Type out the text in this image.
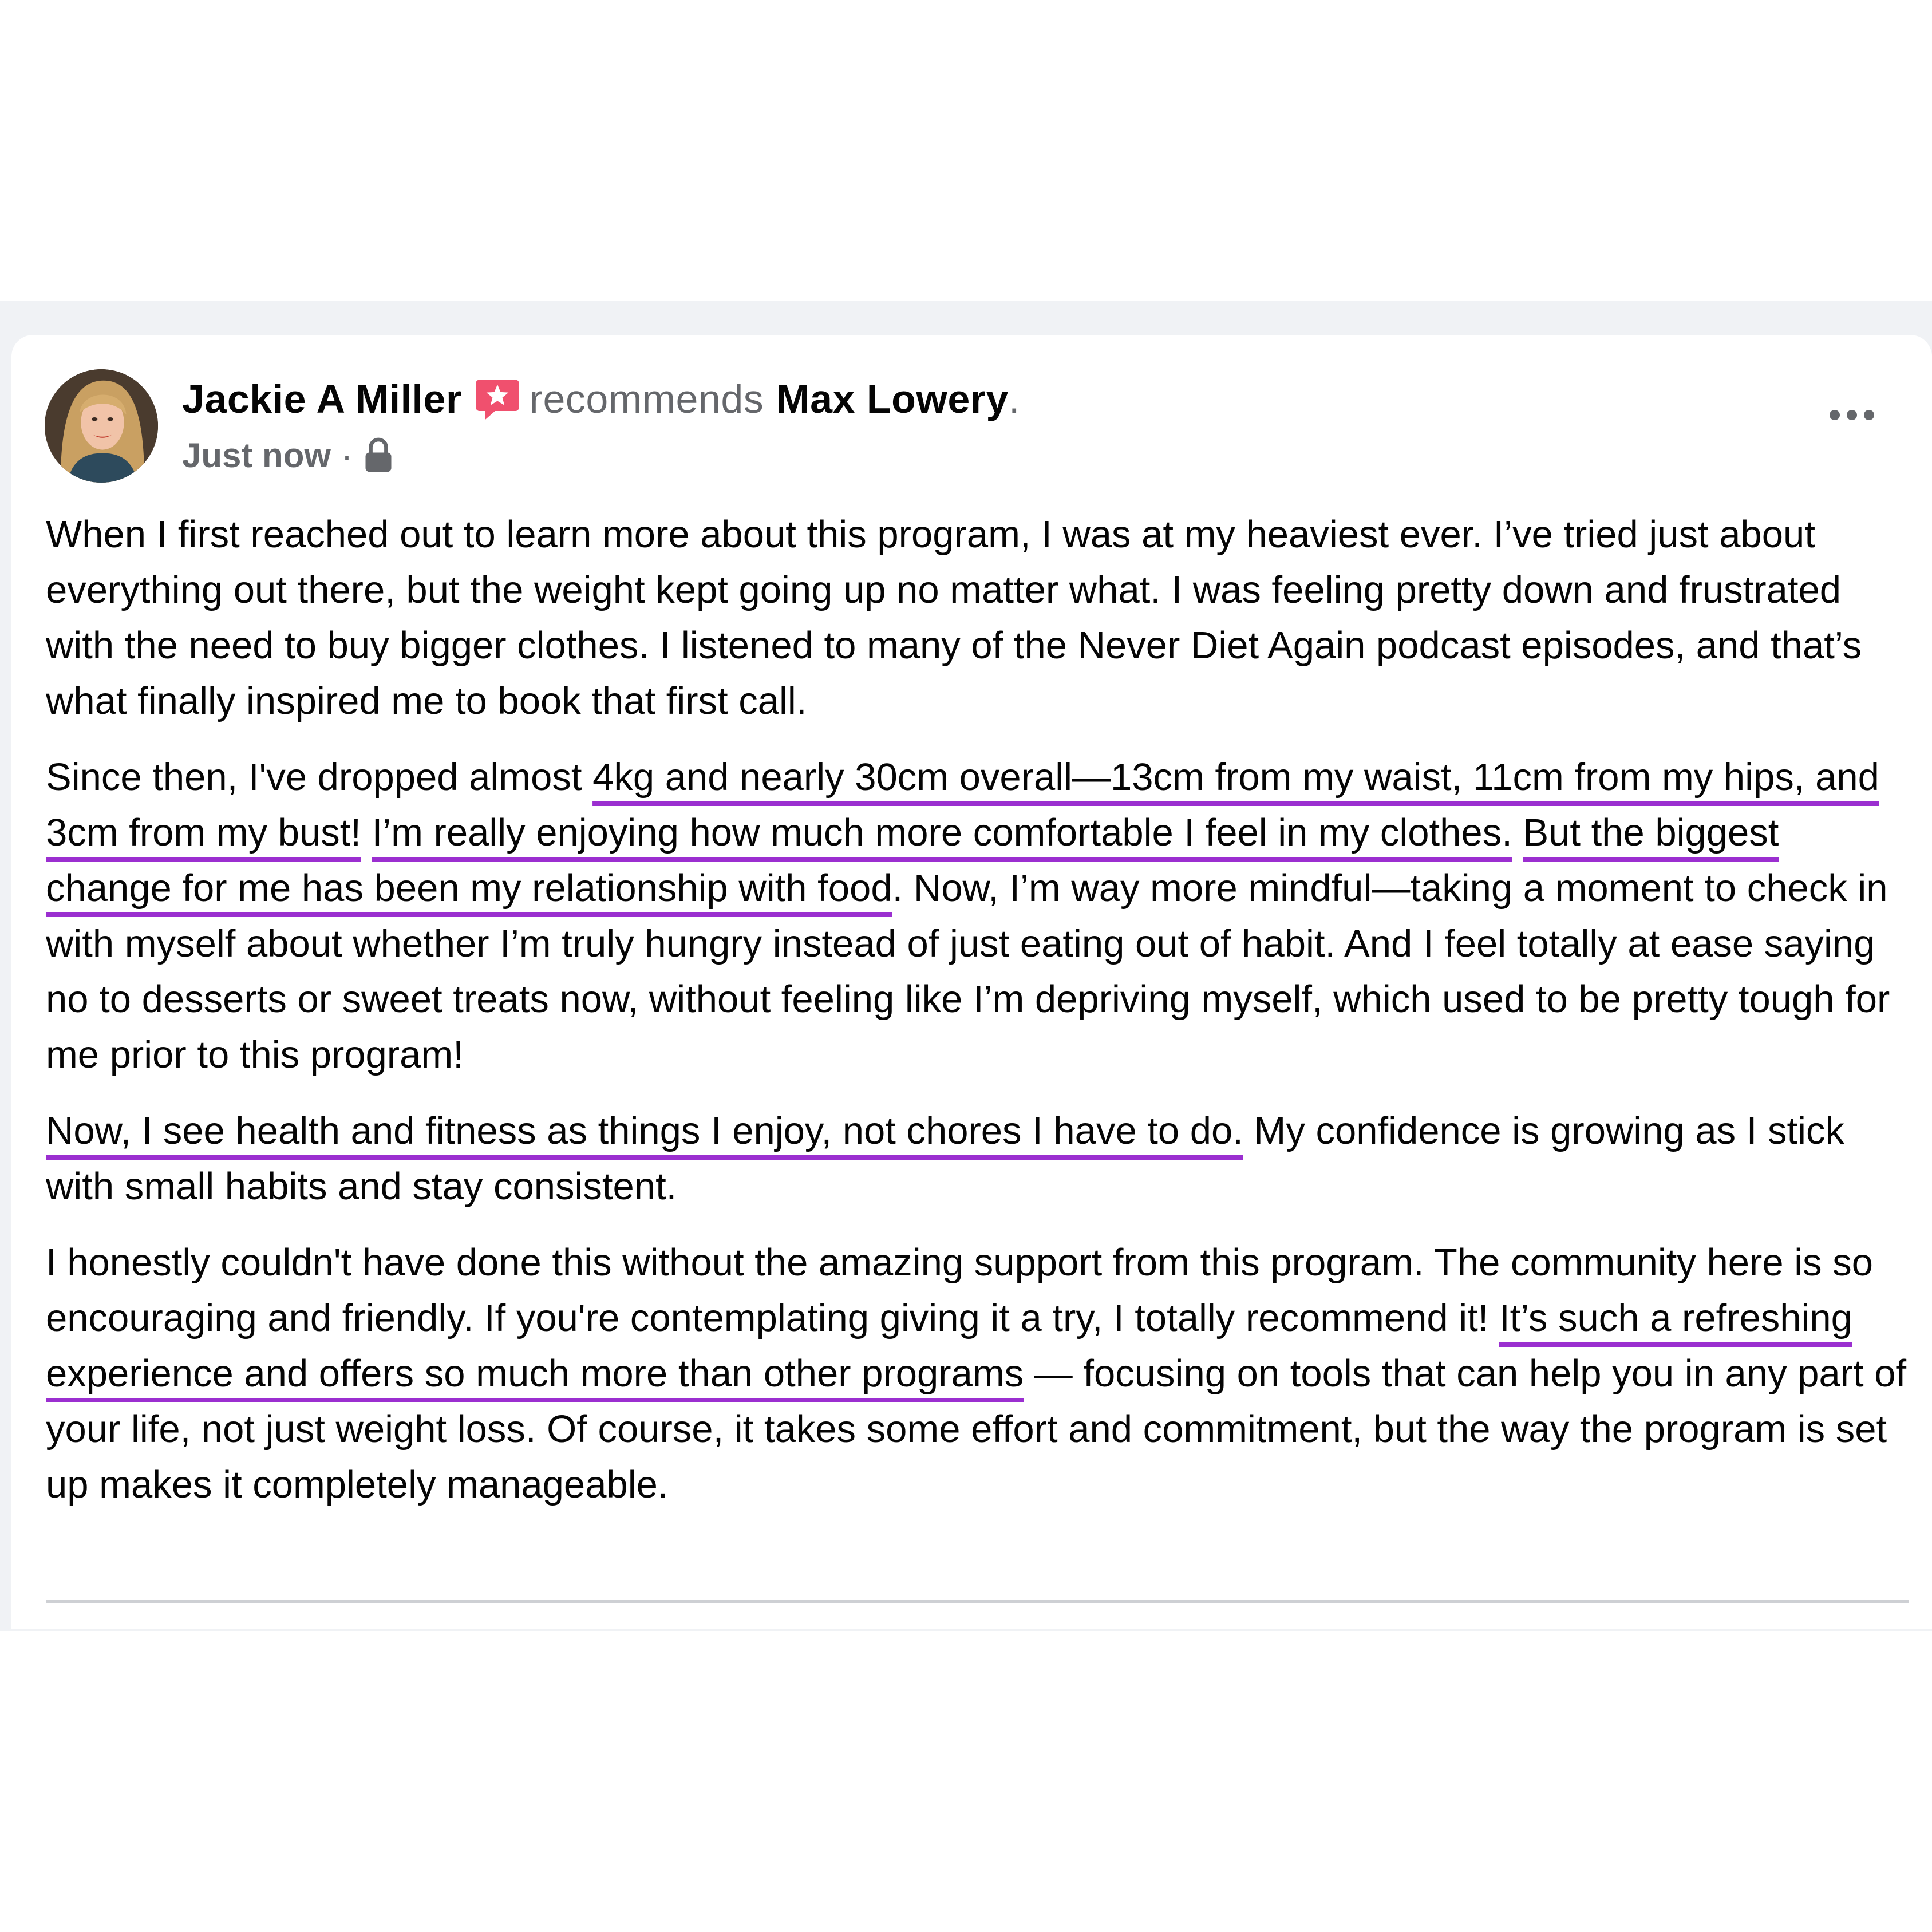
Jackie A Miller recommends Max Lowery .
Just now ·

When I first reached out to learn more about this program, I was at my heaviest ever. I’ve tried just about everything out there, but the weight kept going up no matter what. I was feeling pretty down and frustrated with the need to buy bigger clothes. I listened to many of the Never Diet Again podcast episodes, and that’s what finally inspired me to book that first call.

Since then, I've dropped almost 4kg and nearly 30cm overall—13cm from my waist, 11cm from my hips, and 3cm from my bust! I’m really enjoying how much more comfortable I feel in my clothes. But the biggest change for me has been my relationship with food. Now, I’m way more mindful—taking a moment to check in with myself about whether I’m truly hungry instead of just eating out of habit. And I feel totally at ease saying no to desserts or sweet treats now, without feeling like I’m depriving myself, which used to be pretty tough for me prior to this program!

Now, I see health and fitness as things I enjoy, not chores I have to do. My confidence is growing as I stick with small habits and stay consistent.

I honestly couldn't have done this without the amazing support from this program. The community here is so encouraging and friendly. If you're contemplating giving it a try, I totally recommend it! It’s such a refreshing experience and offers so much more than other programs — focusing on tools that can help you in any part of your life, not just weight loss. Of course, it takes some effort and commitment, but the way the program is set up makes it completely manageable.
